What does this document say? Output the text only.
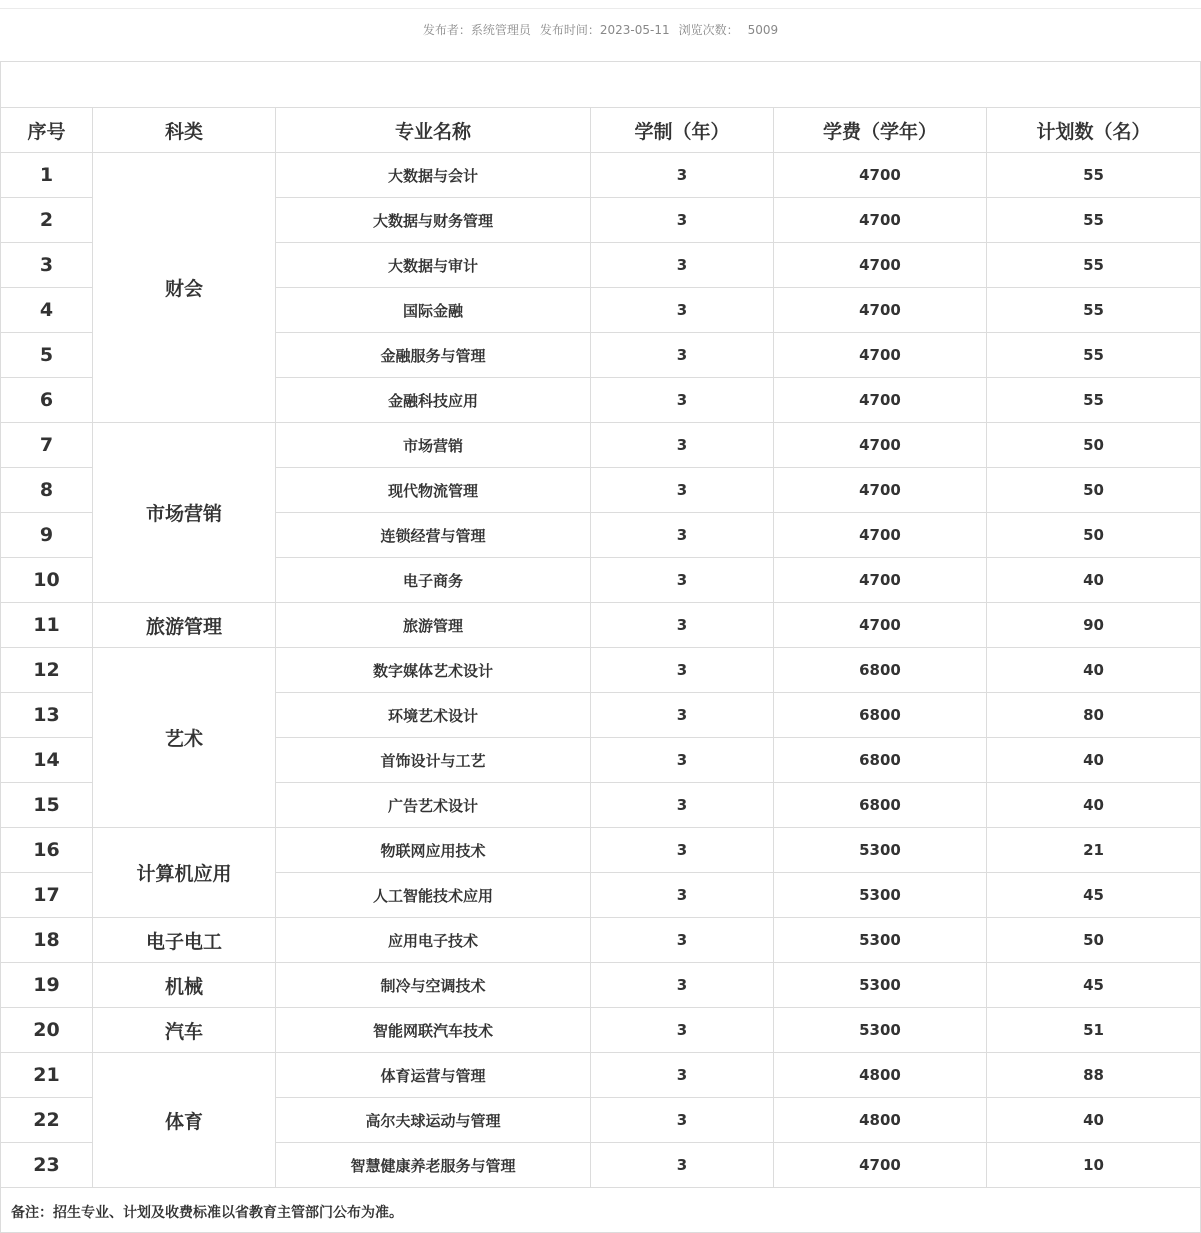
发布者：系统管理员 发布时间：2023-05-11 浏览次数： 5009
序号	科类	专业名称	学制（年）	学费（学年）	计划数（名）
1	财会	大数据与会计	3	4700	55
2		大数据与财务管理	3	4700	55
3		大数据与审计	3	4700	55
4		国际金融	3	4700	55
5		金融服务与管理	3	4700	55
6		金融科技应用	3	4700	55
7	市场营销	市场营销	3	4700	50
8		现代物流管理	3	4700	50
9		连锁经营与管理	3	4700	50
10		电子商务	3	4700	40
11	旅游管理	旅游管理	3	4700	90
12	艺术	数字媒体艺术设计	3	6800	40
13		环境艺术设计	3	6800	80
14		首饰设计与工艺	3	6800	40
15		广告艺术设计	3	6800	40
16	计算机应用	物联网应用技术	3	5300	21
17		人工智能技术应用	3	5300	45
18	电子电工	应用电子技术	3	5300	50
19	机械	制冷与空调技术	3	5300	45
20	汽车	智能网联汽车技术	3	5300	51
21	体育	体育运营与管理	3	4800	88
22		高尔夫球运动与管理	3	4800	40
23		智慧健康养老服务与管理	3	4700	10
备注：招生专业、计划及收费标准以省教育主管部门公布为准。
